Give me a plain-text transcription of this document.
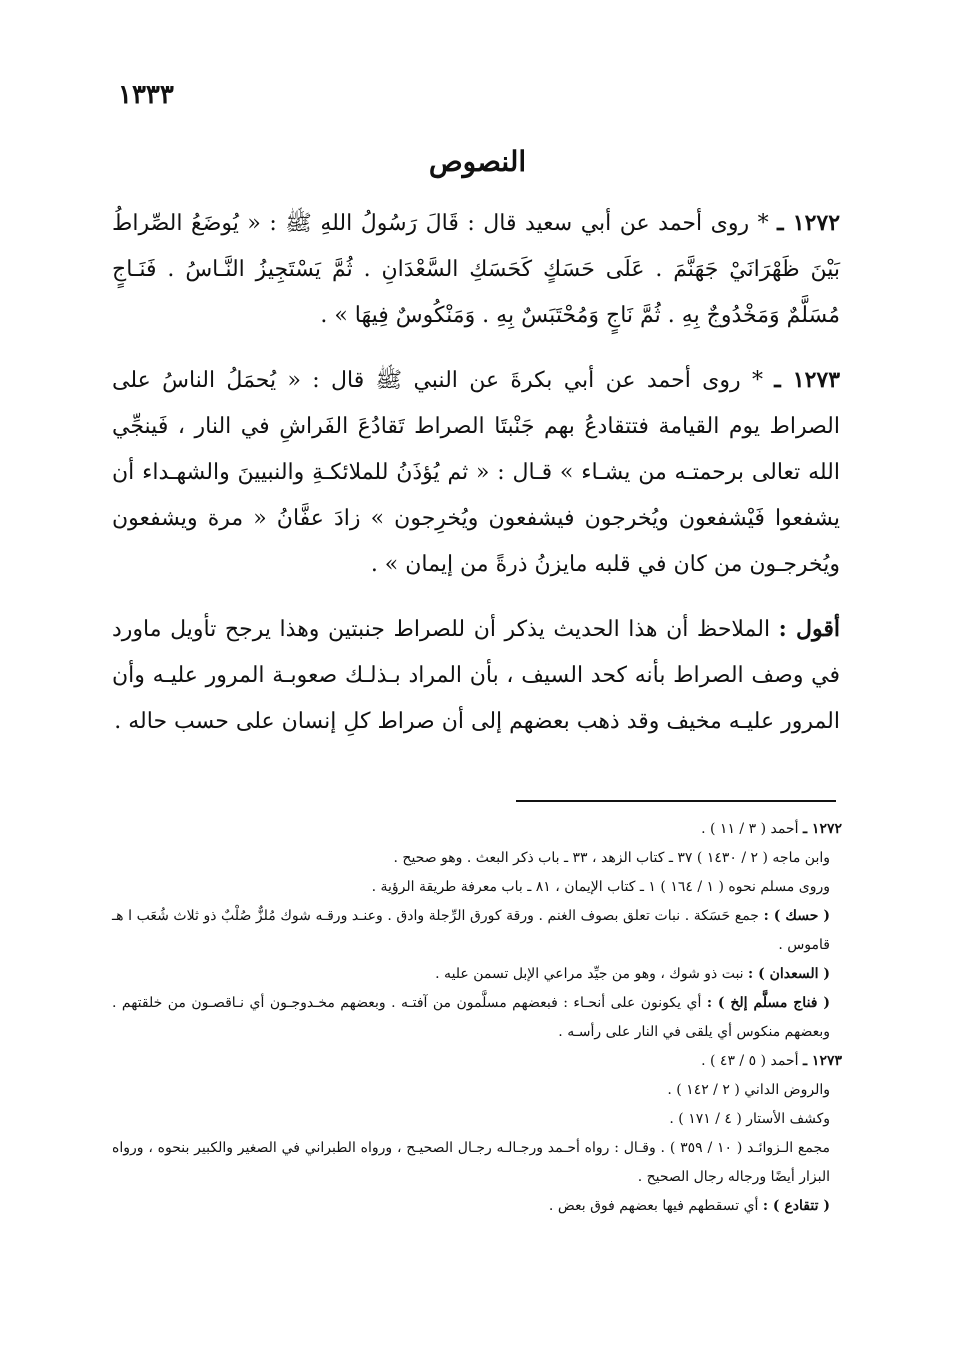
١٣٣٣
النصوص

١٢٧٢ ـ * روى أحمد عن أبي سعيد قال : قَالَ رَسُولُ اللهِ ﷺ : « يُوضَعُ الصِّراطُ بَيْنَ ظَهْرَانَيْ جَهَنَّمَ . عَلَى حَسَكٍ كَحَسَكِ السَّعْدَانِ . ثُمَّ يَسْتَجِيزُ النَّـاسُ . فَنَـاجٍ مُسَلَّمٌ وَمَخْدُوجٌ بِهِ . ثُمَّ نَاجٍ وَمُحْتَبَسٌ بِهِ . وَمَنْكُوسٌ فِيهَا » .

١٢٧٣ ـ * روى أحمد عن أبي بكرةَ عن النبي ﷺ قال : « يُحمَلُ الناسُ على الصراط يوم القيامة فتتقادعُ بهم جَنْبتَا الصراط تَقادُعَ الفَراشِ في النار ، فَينجِّي الله تعالى برحمتـه من يشـاء » قـال : « ثم يُؤذَنُ للملائكـةِ والنبيينَ والشهـداء أن يشفعوا فَيْشفعون ويُخرجون فيشفعون ويُخرِجون » زادَ عفَّانُ « مرة ويشفعون ويُخرجـون من كان في قلبه مايزنُ ذرةً من إيمان » .

أقول : الملاحظ أن هذا الحديث يذكر أن للصراط جنبتين وهذا يرجح تأويل ماورد في وصف الصراط بأنه كحد السيف ، بأن المراد بـذلـك صعوبـة المرور عليـه وأن المرور عليـه مخيف وقد ذهب بعضهم إلى أن صراط كلِ إنسان على حسب حاله .

١٢٧٢ ـ أحمد ( ٣ / ١١ ) .

وابن ماجه ( ٢ / ١٤٣٠ ) ٣٧ ـ كتاب الزهد ، ٣٣ ـ باب ذكر البعث . وهو صحيح .

وروى مسلم نحوه ( ١ / ١٦٤ ) ١ ـ كتاب الإيمان ، ٨١ ـ باب معرفة طريقة الرؤية .

( حسك ) : جمع حَسَكة . نبات تعلق بصوف الغنم . ورقة كورق الرِّجلة وادق . وعنـد ورقـه شوك مُلزٌّ صُلْبٌ ذو ثلاث شُعَب ا هـ قاموس .

( السعدان ) : نبت ذو شوك ، وهو من جيِّد مراعي الإبل تسمن عليه .

( فناج مسلَّم إلخ ) : أي يكونون على أنحـاء : فبعضهم مسلَّمون من آفتـه . وبعضهم مخـدوجـون أي نـاقصـون من خلقتهم . وبعضهم منكوس أي يلقى في النار على رأسـه .

١٢٧٣ ـ أحمد ( ٥ / ٤٣ ) .

والروض الداني ( ٢ / ١٤٢ ) .

وكشف الأستار ( ٤ / ١٧١ ) .

مجمع الـزوائـد ( ١٠ / ٣٥٩ ) . وقـال : رواه أحـمد ورجـالـه رجـال الصحيـح ، ورواه الطبراني في الصغير والكبير بنحوه ، ورواه البزار أيضًا ورجاله رجال الصحيح .

( تتقادع ) : أي تسقطهم فيها بعضهم فوق بعض .
